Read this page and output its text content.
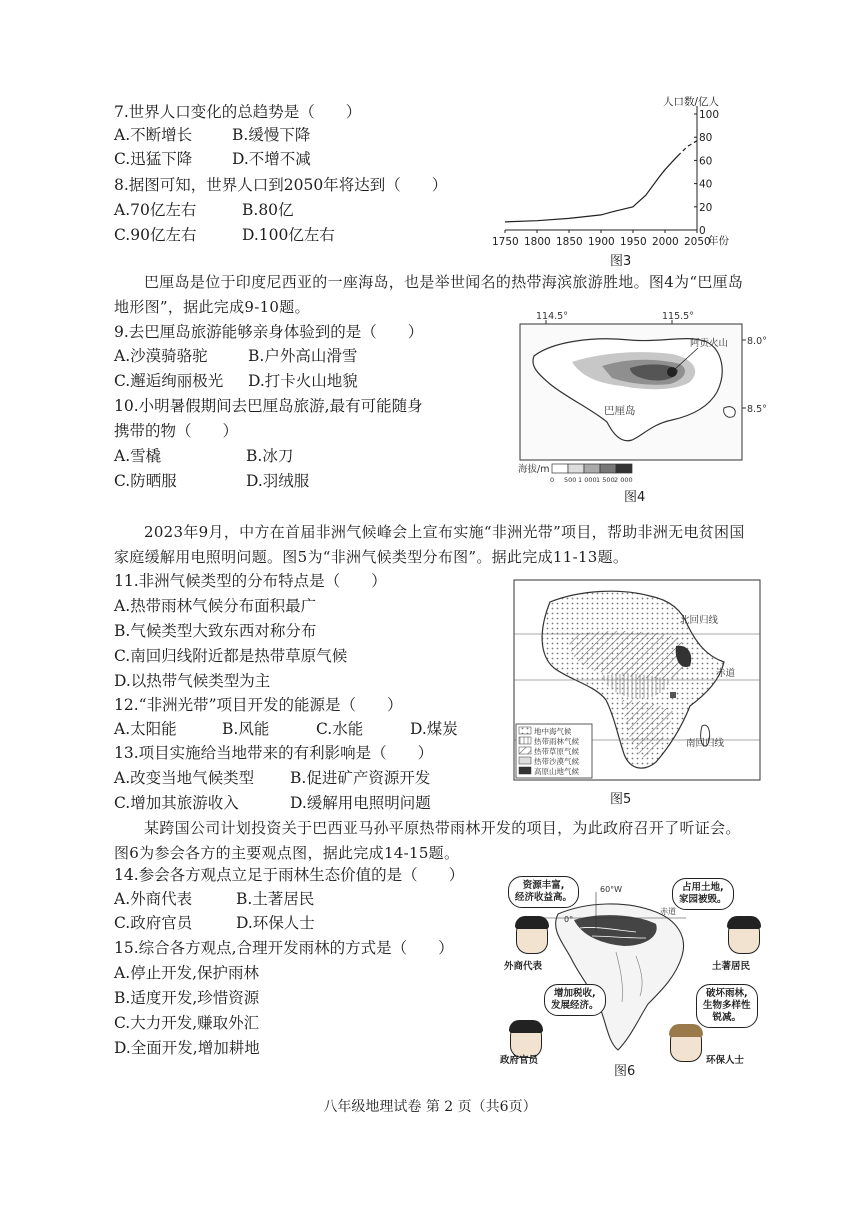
7.世界人口变化的总趋势是（　　）
A.不断增长	B.缓慢下降
C.迅猛下降	D.不增不减
8.据图可知，世界人口到2050年将达到（　　）
A.70亿左右	B.80亿
C.90亿左右	D.100亿左右
人口数/亿人
0
20
40
60
80
100
1750 1800 1850 1900 1950 2000 2050
年份
图3
巴厘岛是位于印度尼西亚的一座海岛，也是举世闻名的热带海滨旅游胜地。图4为“巴厘岛地形图”，据此完成9-10题。
9.去巴厘岛旅游能够亲身体验到的是（　　）
A.沙漠骑骆驼	B.户外高山滑雪
C.邂逅绚丽极光 D.打卡火山地貌
10.小明暑假期间去巴厘岛旅游,最有可能随身
携带的物（　　）
A.雪橇	B.冰刀
C.防晒服	D.羽绒服
114.5°	115.5°
8.0°
8.5°
阿贡火山
巴厘岛
海拔/m
0 500 1 000 1 500 2 000
图4
2023年9月，中方在首届非洲气候峰会上宣布实施“非洲光带”项目，帮助非洲无电贫困国家庭缓解用电照明问题。图5为“非洲气候类型分布图”。据此完成11-13题。
11.非洲气候类型的分布特点是（　　）
A.热带雨林气候分布面积最广
B.气候类型大致东西对称分布
C.南回归线附近都是热带草原气候
D.以热带气候类型为主
12.“非洲光带”项目开发的能源是（　　）
A.太阳能	B.风能	C.水能	D.煤炭
13.项目实施给当地带来的有利影响是（　　）
A.改变当地气候类型 B.促进矿产资源开发
C.增加其旅游收入	D.缓解用电照明问题
北回归线
赤道
南回归线
地中海气候
热带雨林气候
热带草原气候
热带沙漠气候
高原山地气候
图5
某跨国公司计划投资关于巴西亚马孙平原热带雨林开发的项目，为此政府召开了听证会。图6为参会各方的主要观点图，据此完成14-15题。
14.参会各方观点立足于雨林生态价值的是（　　）
A.外商代表	B.土著居民
C.政府官员	D.环保人士
15.综合各方观点,合理开发雨林的方式是（　　）
A.停止开发,保护雨林
B.适度开发,珍惜资源
C.大力开发,赚取外汇
D.全面开发,增加耕地
60°W
0°
赤道
资源丰富,
经济收益高。
占用土地,
家园被毁。
增加税收,
发展经济。
破坏雨林,
生物多样性
锐减。
外商代表	土著居民
政府官员	环保人士
图6
八年级地理试卷 第 2 页（共6页）
